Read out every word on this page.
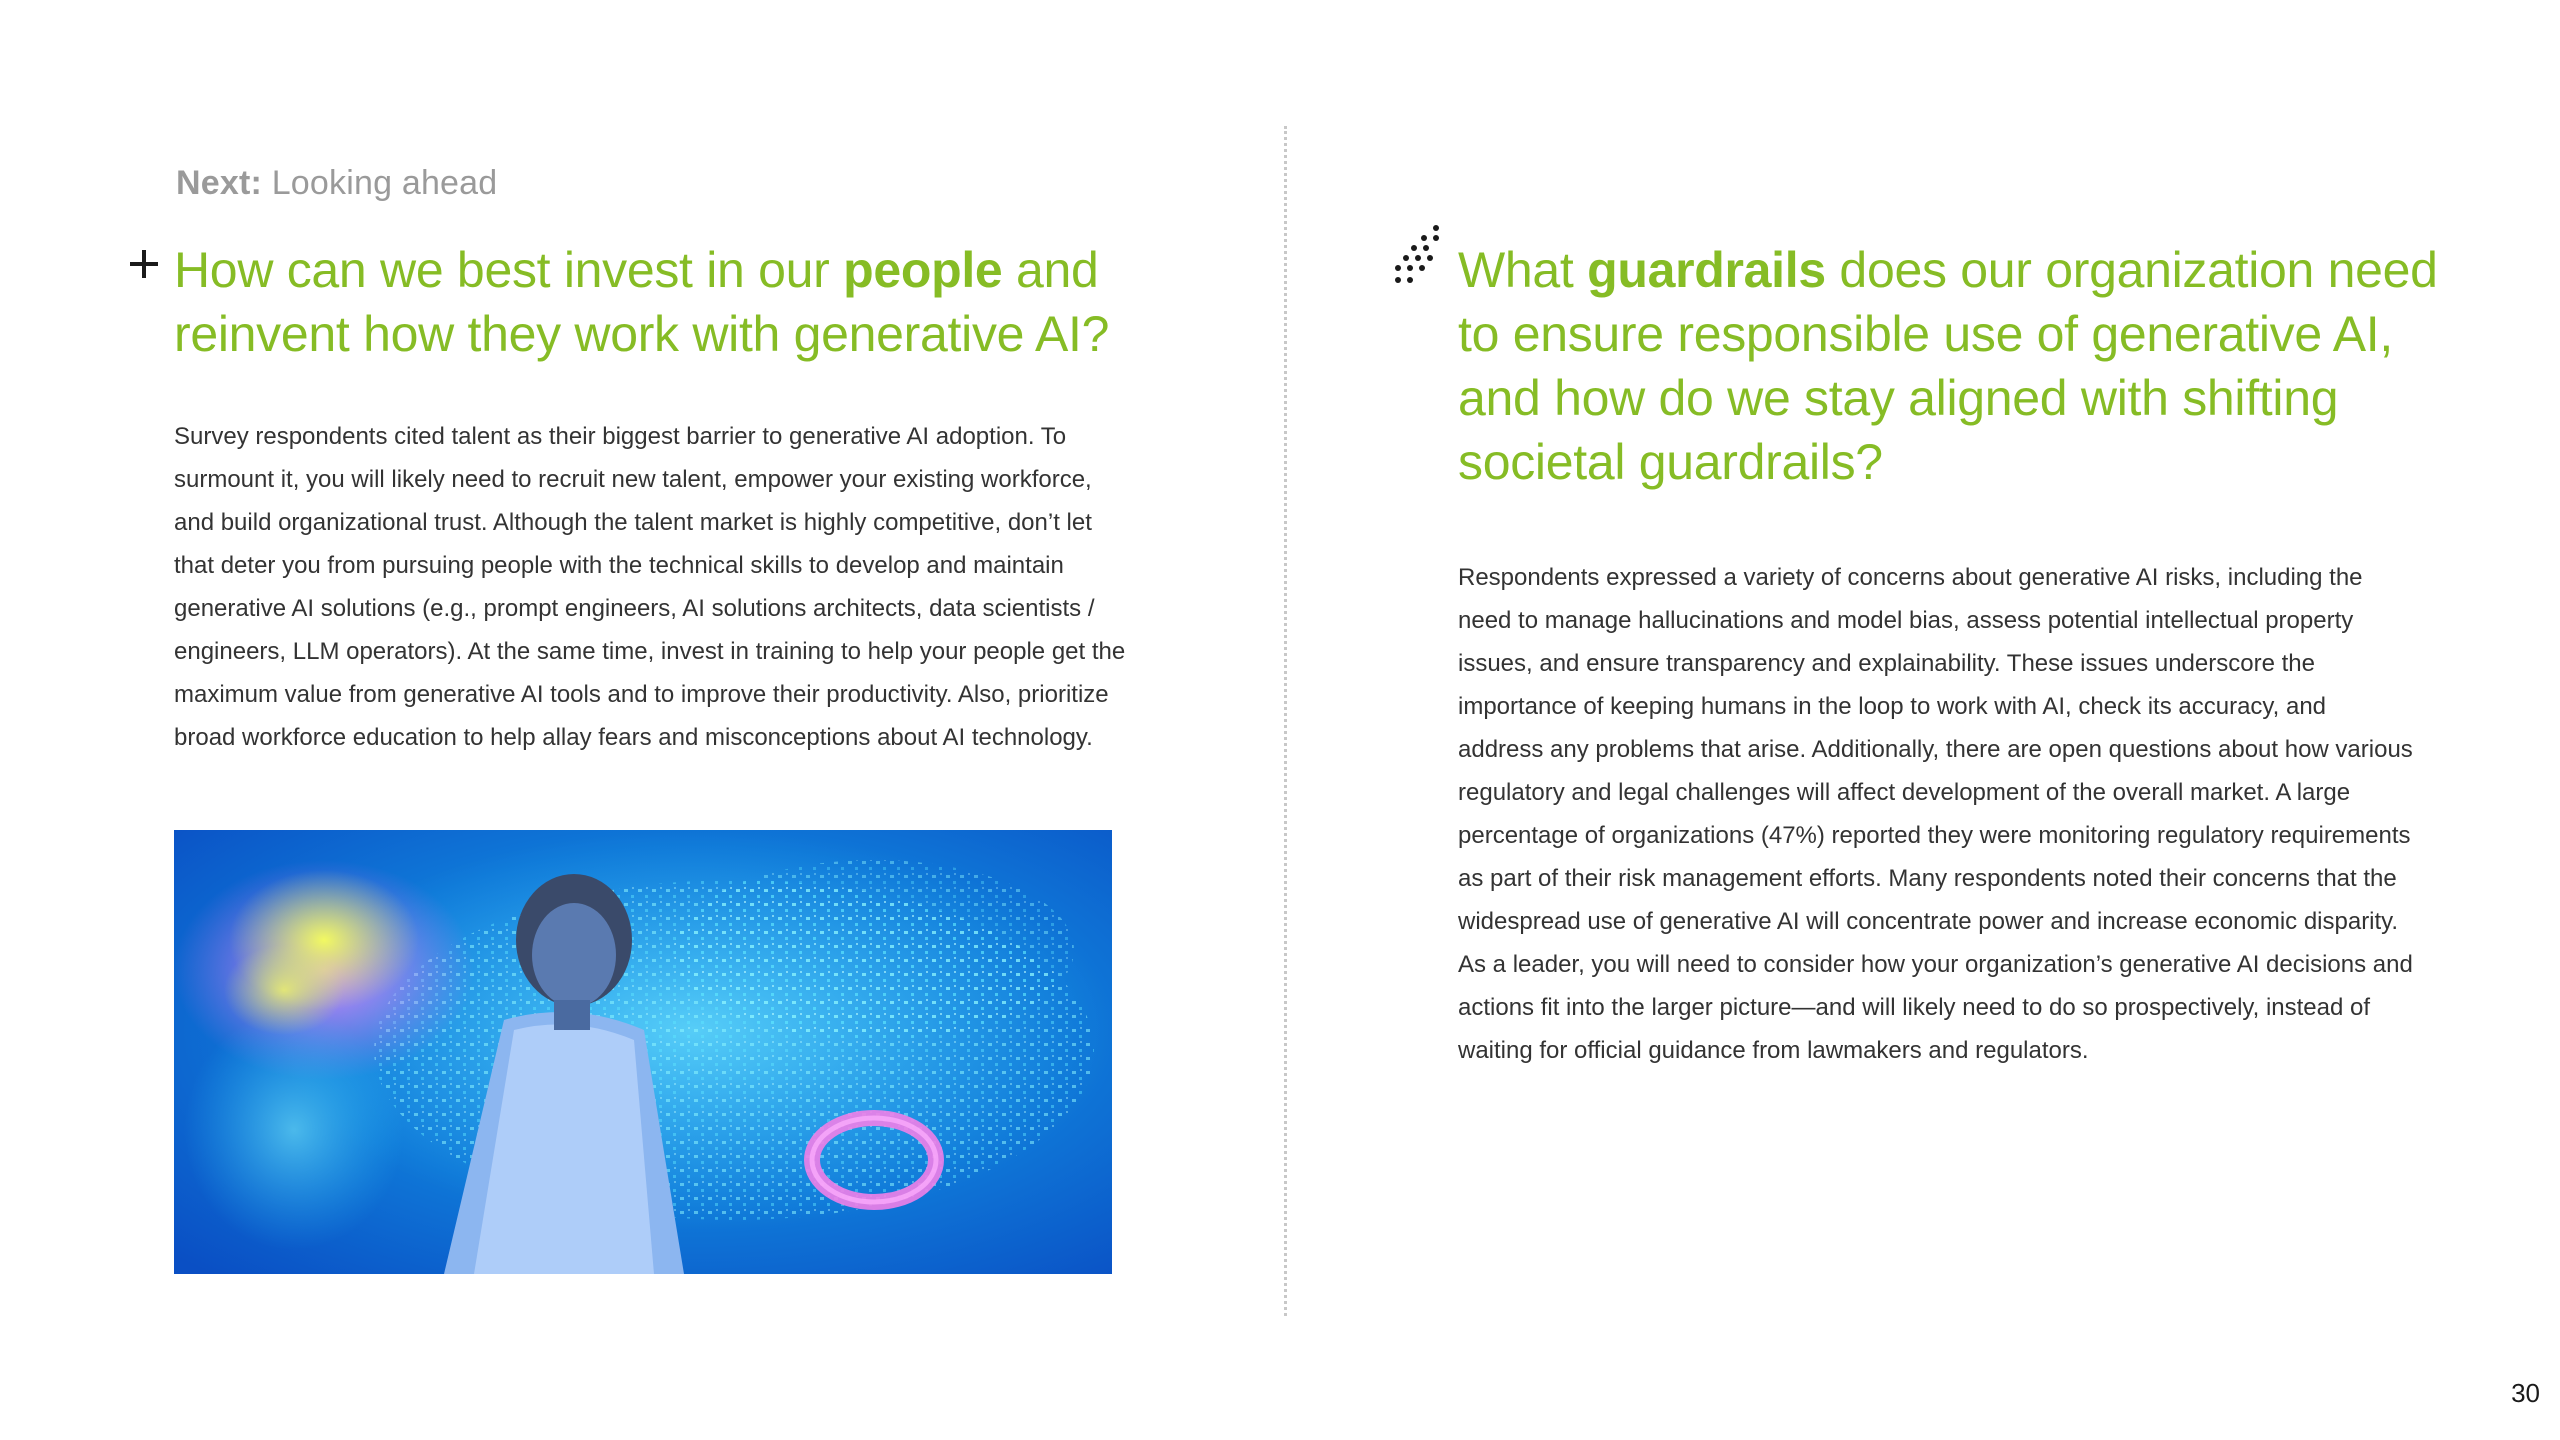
Next: Looking ahead
How can we best invest in our people and reinvent how they work with generative AI?

Survey respondents cited talent as their biggest barrier to generative AI adoption. To surmount it, you will likely need to recruit new talent, empower your existing workforce, and build organizational trust. Although the talent market is highly competitive, don’t let that deter you from pursuing people with the technical skills to develop and maintain generative AI solutions (e.g., prompt engineers, AI solutions architects, data scientists / engineers, LLM operators). At the same time, invest in training to help your people get the maximum value from generative AI tools and to improve their productivity. Also, prioritize broad workforce education to help allay fears and misconceptions about AI technology.

What guardrails does our organization need to ensure responsible use of generative AI, and how do we stay aligned with shifting societal guardrails?

Respondents expressed a variety of concerns about generative AI risks, including the need to manage hallucinations and model bias, assess potential intellectual property issues, and ensure transparency and explainability. These issues underscore the importance of keeping humans in the loop to work with AI, check its accuracy, and address any problems that arise. Additionally, there are open questions about how various regulatory and legal challenges will affect development of the overall market. A large percentage of organizations (47%) reported they were monitoring regulatory requirements as part of their risk management efforts. Many respondents noted their concerns that the widespread use of generative AI will concentrate power and increase economic disparity. As a leader, you will need to consider how your organization’s generative AI decisions and actions fit into the larger picture—and will likely need to do so prospectively, instead of waiting for official guidance from lawmakers and regulators.

30
